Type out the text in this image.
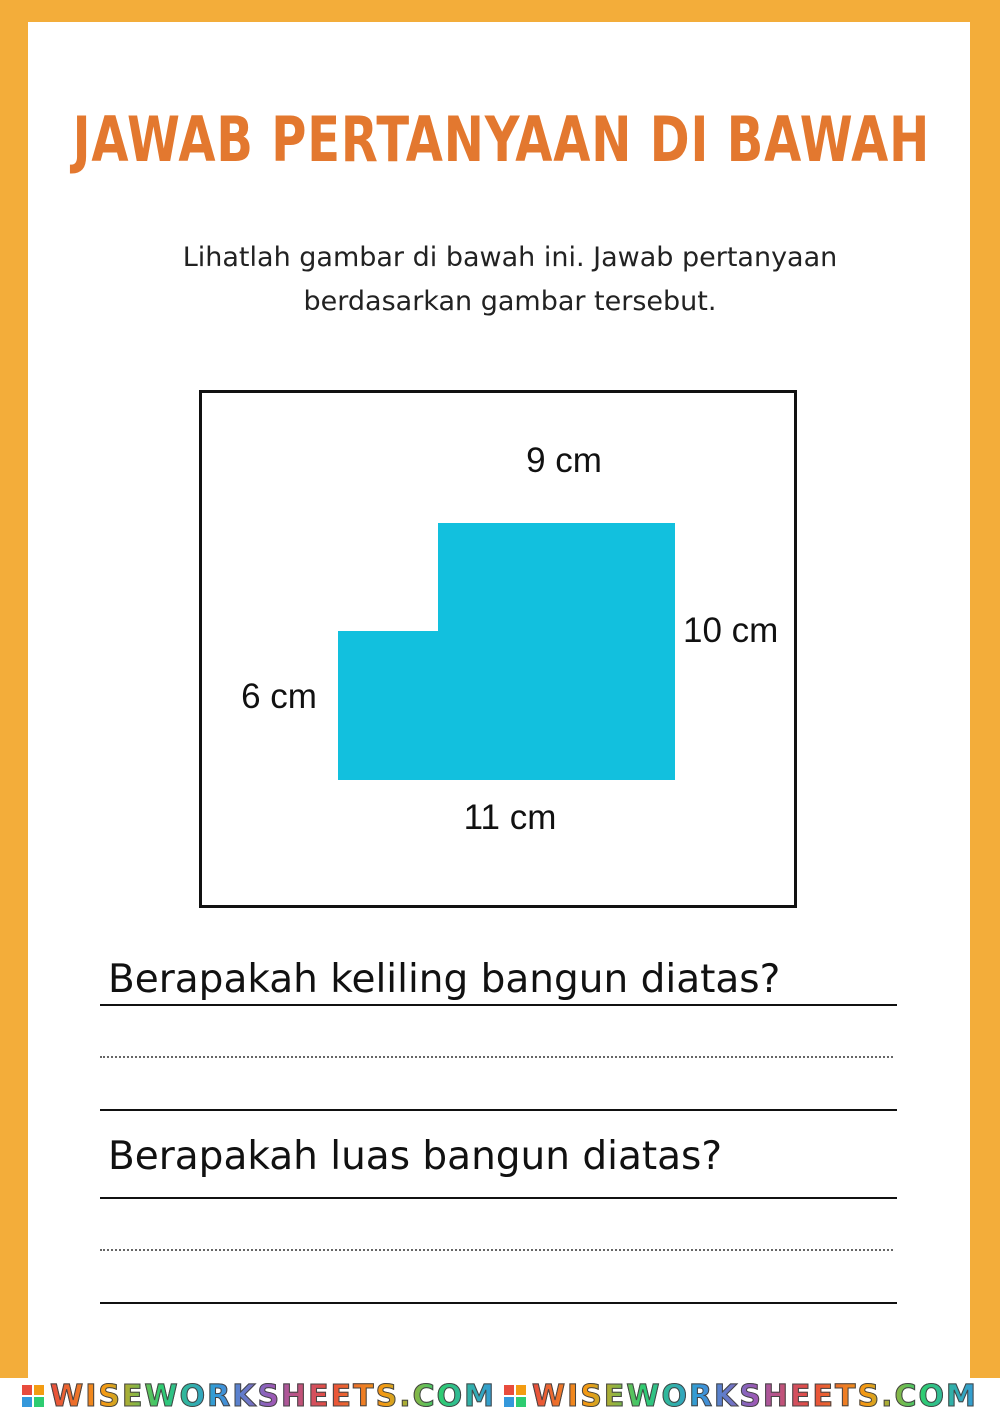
JAWAB PERTANYAAN DI BAWAH

Lihatlah gambar di bawah ini. Jawab pertanyaan
berdasarkan gambar tersebut.

9 cm
10 cm
6 cm
11 cm

Berapakah keliling bangun diatas?

Berapakah luas bangun diatas?

WISEWORKSHEETS.COM WISEWORKSHEETS.COM
